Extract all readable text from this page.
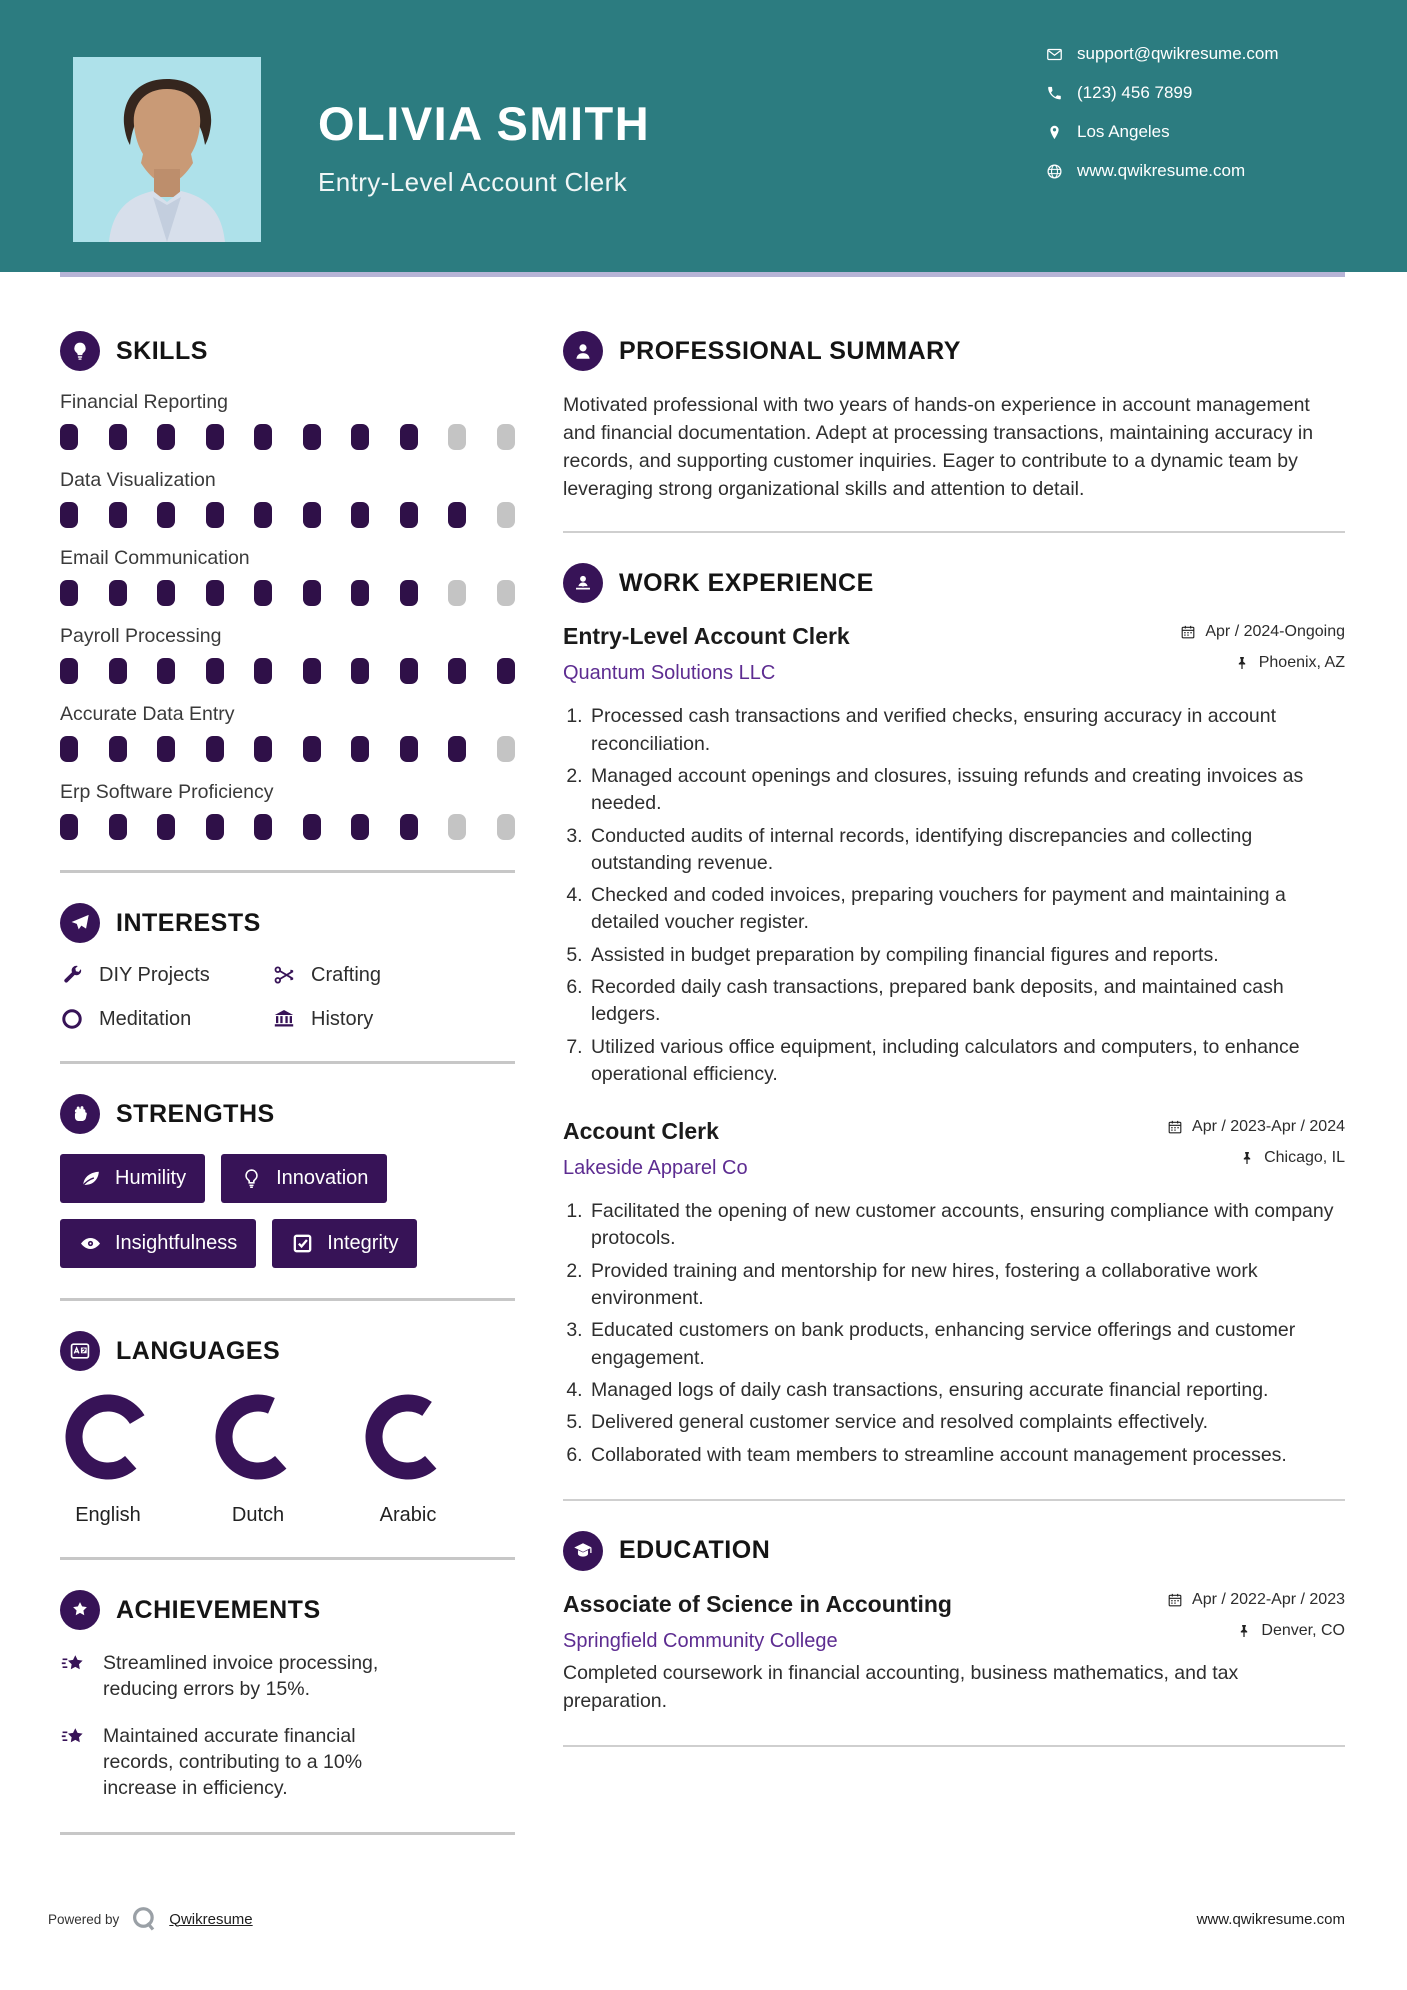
OLIVIA SMITH
Entry-Level Account Clerk
support@qwikresume.com
(123) 456 7899
Los Angeles
www.qwikresume.com
SKILLS
Financial Reporting
Data Visualization
Email Communication
Payroll Processing
Accurate Data Entry
Erp Software Proficiency
INTERESTS
DIY Projects	Crafting
Meditation	History
STRENGTHS
Humility	Innovation
Insightfulness	Integrity
LANGUAGES
English	Dutch	Arabic
ACHIEVEMENTS
Streamlined invoice processing, reducing errors by 15%.
Maintained accurate financial records, contributing to a 10% increase in efficiency.
PROFESSIONAL SUMMARY

Motivated professional with two years of hands-on experience in account management and financial documentation. Adept at processing transactions, maintaining accuracy in records, and supporting customer inquiries. Eager to contribute to a dynamic team by leveraging strong organizational skills and attention to detail.

WORK EXPERIENCE
Entry-Level Account Clerk
Quantum Solutions LLC
Apr / 2024-Ongoing
Phoenix, AZ
1. Processed cash transactions and verified checks, ensuring accuracy in account reconciliation.
2. Managed account openings and closures, issuing refunds and creating invoices as needed.
3. Conducted audits of internal records, identifying discrepancies and collecting outstanding revenue.
4. Checked and coded invoices, preparing vouchers for payment and maintaining a detailed voucher register.
5. Assisted in budget preparation by compiling financial figures and reports.
6. Recorded daily cash transactions, prepared bank deposits, and maintained cash ledgers.
7. Utilized various office equipment, including calculators and computers, to enhance operational efficiency.
Account Clerk
Lakeside Apparel Co
Apr / 2023-Apr / 2024
Chicago, IL
1. Facilitated the opening of new customer accounts, ensuring compliance with company protocols.
2. Provided training and mentorship for new hires, fostering a collaborative work environment.
3. Educated customers on bank products, enhancing service offerings and customer engagement.
4. Managed logs of daily cash transactions, ensuring accurate financial reporting.
5. Delivered general customer service and resolved complaints effectively.
6. Collaborated with team members to streamline account management processes.
EDUCATION
Associate of Science in Accounting
Springfield Community College
Apr / 2022-Apr / 2023
Denver, CO

Completed coursework in financial accounting, business mathematics, and tax preparation.

Powered by	Qwikresume	www.qwikresume.com
